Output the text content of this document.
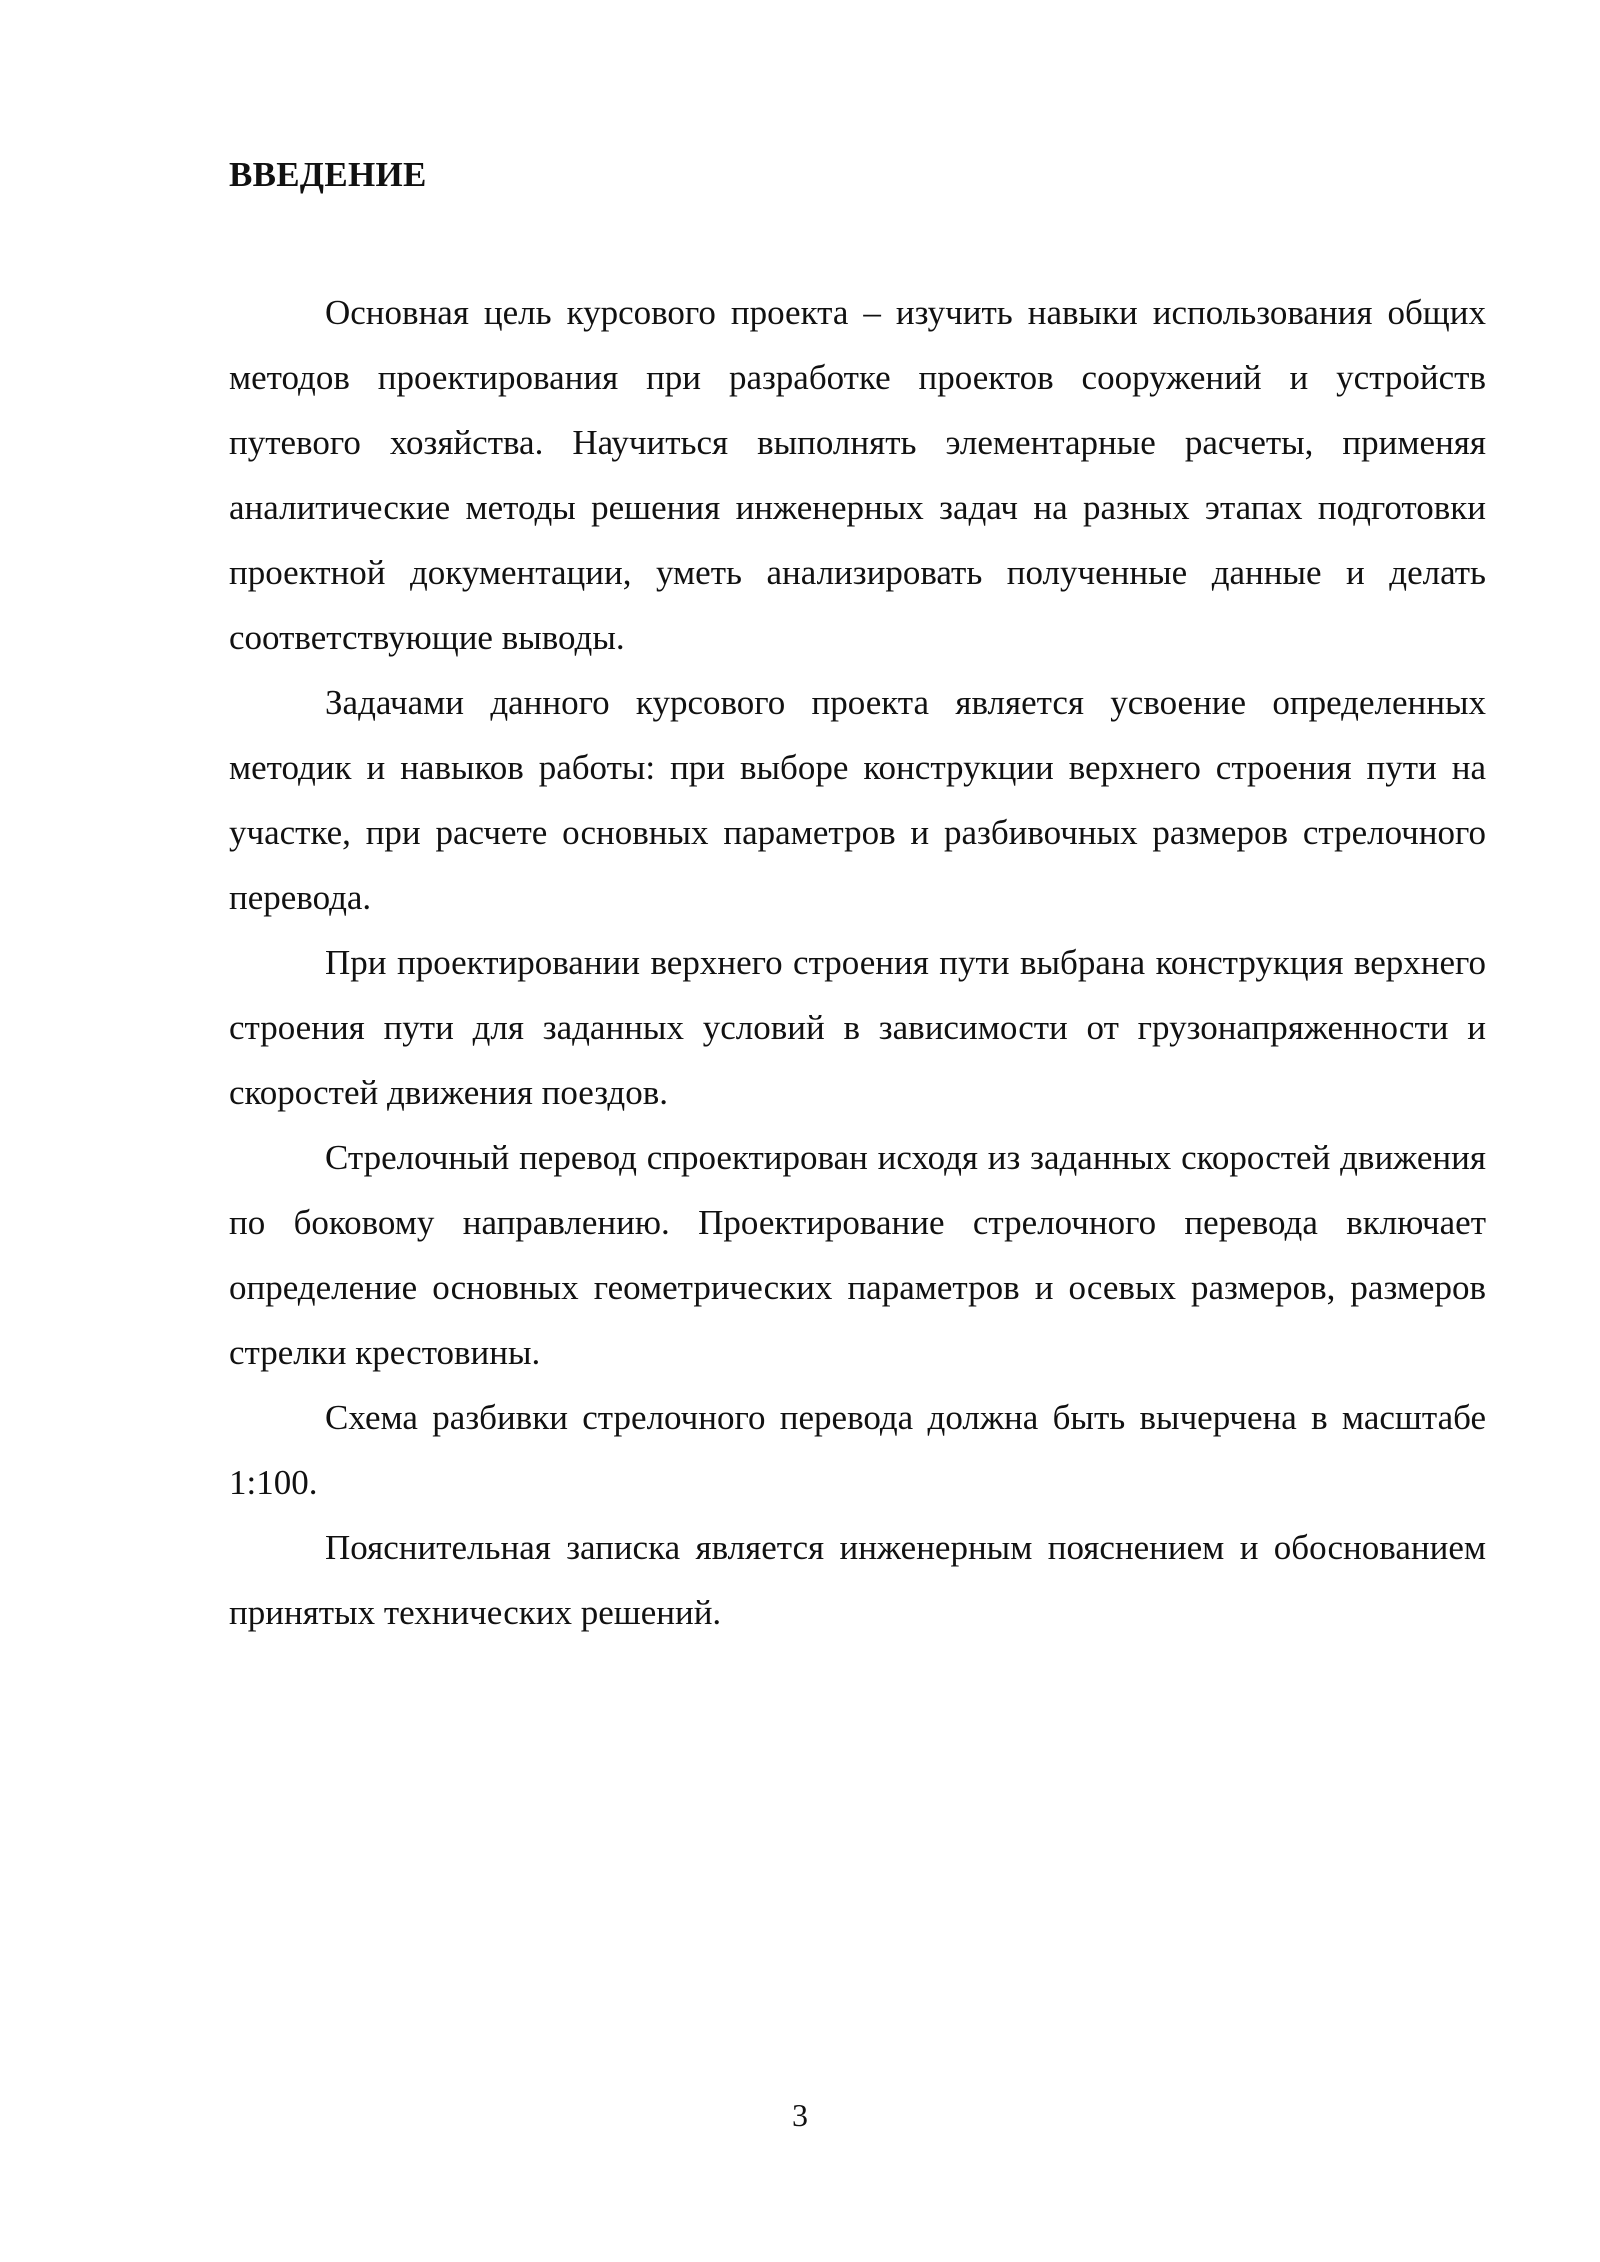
ВВЕДЕНИЕ

Основная цель курсового проекта – изучить навыки использования общих методов проектирования при разработке проектов сооружений и устройств путевого хозяйства. Научиться выполнять элементарные расчеты, применяя аналитические методы решения инженерных задач на разных этапах подготовки проектной документации, уметь анализировать полученные данные и делать соответствующие выводы.

Задачами данного курсового проекта является усвоение определенных методик и навыков работы: при выборе конструкции верхнего строения пути на участке, при расчете основных параметров и разбивочных размеров стрелочного перевода.

При проектировании верхнего строения пути выбрана конструкция верхнего строения пути для заданных условий в зависимости от грузонапряженности и скоростей движения поездов.

Стрелочный перевод спроектирован исходя из заданных скоростей движения по боковому направлению. Проектирование стрелочного перевода включает определение основных геометрических параметров и осевых размеров, размеров стрелки крестовины.

Схема разбивки стрелочного перевода должна быть вычерчена в масштабе 1:100.

Пояснительная записка является инженерным пояснением и обоснованием принятых технических решений.

3
